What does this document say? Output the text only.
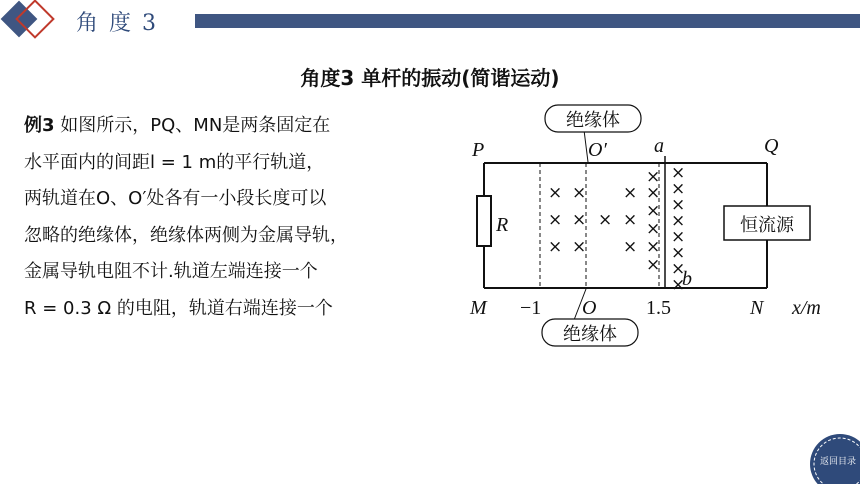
角 度 3
角度3 单杆的振动(简谐运动)
例3 如图所示，PQ、MN是两条固定在
水平面内的间距l = 1 m的平行轨道，
两轨道在O、O′处各有一小段长度可以
忽略的绝缘体，绝缘体两侧为金属导轨，
金属导轨电阻不计.轨道左端连接一个
R = 0.3 Ω 的电阻，轨道右端连接一个
绝缘体
绝缘体
恒流源
P	Q
M	N
O′ a
b
R
−1 O 1.5	x/m
× ×
× ×
× ×
×
×
×
×
×
×
×
×
×
×
×
×
×
×
×
×
×
×
返回目录
